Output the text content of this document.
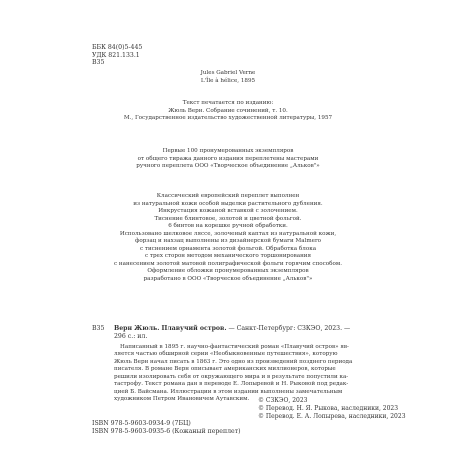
ББК 84(0)5-445
УДК 821.133.1
В35
Jules Gabriel Verne
L'Île à hélice, 1895
Текст печатается по изданию:
Жюль Верн. Собрание сочинений, т. 10.
М., Государственное издательство художественной литературы, 1957
Первые 100 пронумерованных экземпляров
от общего тиража данного издания переплетены мастерами
ручного переплета ООО «Творческое объединение „Альков"»
Классический европейский переплет выполнен
из натуральной кожи особой выделки растительного дубления.
Инкрустация кожаной вставкой с золочением.
Тиснение блинтовое, золотой и цветной фольгой.
6 бинтов на корешке ручной обработки.
Использовано шелковое ляссе, золоченый каптал из натуральной кожи,
форзац и нахзац выполнены из дизайнерской бумаги Malmero
с тиснением орнамента золотой фольгой. Обработка блока
с трех сторон методом механического торшонирования
с нанесением золотой матовой полиграфической фольги горячим способом.
Оформление обложки пронумерованных экземпляров
разработано в ООО «Творческое объединение „Альков"»
В35 Верн Жюль. Плавучий остров. — Санкт-Петербург: СЗКЭО, 2023. —
296 с.: ил.
Написанный в 1895 г. научно-фантастический роман «Плавучий остров» яв-
ляется частью обширной серии «Необыкновенные путешествия», которую
Жюль Верн начал писать в 1863 г. Это одно из произведений позднего периода
писателя. В романе Верн описывает американских миллионеров, которые
решили изолировать себя от окружающего мира и в результате попустили ка-
тастрофу. Текст романа дан в переводе Е. Лопыревой и Н. Рыковой под редак-
цией Б. Вайсмана. Иллюстрации в этом издании выполнены замечательным
художником Петром Ивановичем Аутавским.	© СЗКЭО, 2023
© Перевод. Н. Я. Рыкова, наследники, 2023
© Перевод. Е. А. Лопырева, наследники, 2023
ISBN 978-5-9603-0934-9 (7БЦ)
ISBN 978-5-9603-0935-6 (Кожаный переплет)
